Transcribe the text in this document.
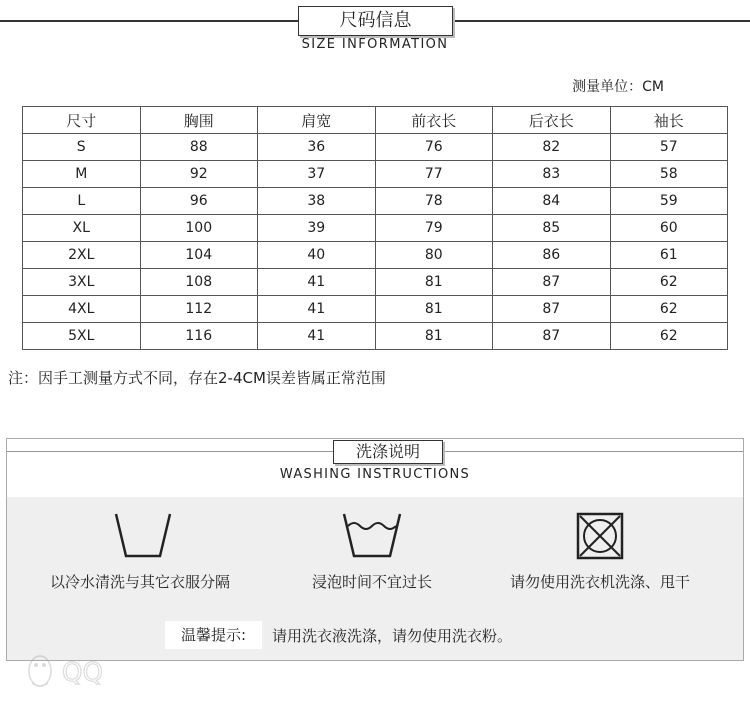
尺码信息
SIZE INFORMATION
测量单位：CM
尺寸	胸围	肩宽	前衣长	后衣长	袖长
S	88	36	76	82	57
M	92	37	77	83	58
L	96	38	78	84	59
XL	100	39	79	85	60
2XL	104	40	80	86	61
3XL	108	41	81	87	62
4XL	112	41	81	87	62
5XL	116	41	81	87	62
注：因手工测量方式不同，存在2-4CM误差皆属正常范围
洗涤说明
WASHING INSTRUCTIONS
以冷水清洗与其它衣服分隔	浸泡时间不宜过长	请勿使用洗衣机洗涤、甩干
温馨提示:	请用洗衣液洗涤，请勿使用洗衣粉。
QQ
